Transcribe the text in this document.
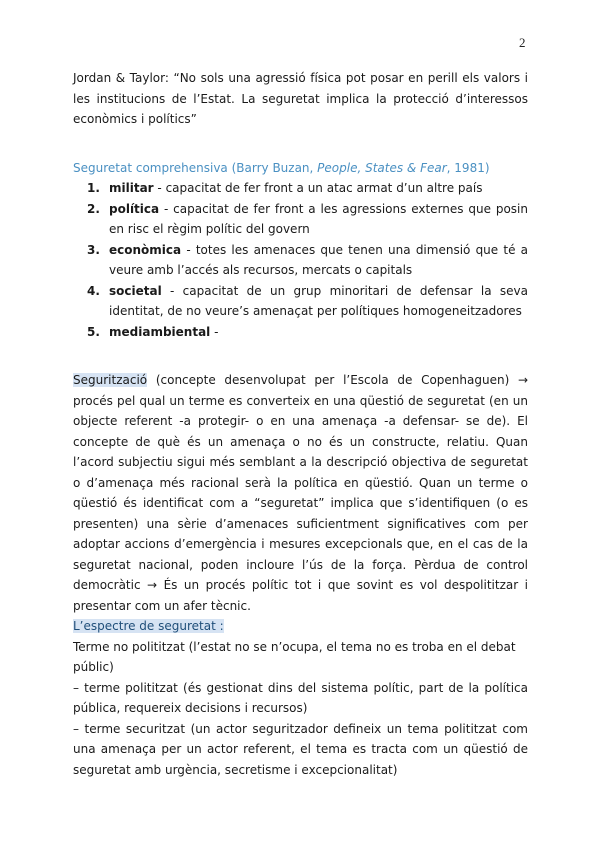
2

Jordan & Taylor: “No sols una agressió física pot posar en perill els valors i les institucions de l’Estat. La seguretat implica la protecció d’interessos econòmics i polítics”

Seguretat comprehensiva (Barry Buzan, People, States & Fear, 1981)

1. militar - capacitat de fer front a un atac armat d’un altre país
2. política - capacitat de fer front a les agressions externes que posin en risc el règim polític del govern
3. econòmica - totes les amenaces que tenen una dimensió que té a veure amb l’accés als recursos, mercats o capitals
4. societal - capacitat de un grup minoritari de defensar la seva identitat, de no veure’s amenaçat per polítiques homogeneitzadores
5. mediambiental -

Segurització (concepte desenvolupat per l’Escola de Copenhaguen) → procés pel qual un terme es converteix en una qüestió de seguretat (en un objecte referent -a protegir- o en una amenaça -a defensar- se de). El concepte de què és un amenaça o no és un constructe, relatiu. Quan l’acord subjectiu sigui més semblant a la descripció objectiva de seguretat o d’amenaça més racional serà la política en qüestió. Quan un terme o qüestió és identificat com a “seguretat” implica que s’identifiquen (o es presenten) una sèrie d’amenaces suficientment significatives com per adoptar accions d’emergència i mesures excepcionals que, en el cas de la seguretat nacional, poden incloure l’ús de la força. Pèrdua de control democràtic → És un procés polític tot i que sovint es vol despolititzar i presentar com un afer tècnic.

L’espectre de seguretat :

Terme no polititzat (l’estat no se n’ocupa, el tema no es troba en el debat públic)

– terme polititzat (és gestionat dins del sistema polític, part de la política pública, requereix decisions i recursos)

– terme securitzat (un actor seguritzador defineix un tema polititzat com una amenaça per un actor referent, el tema es tracta com un qüestió de seguretat amb urgència, secretisme i excepcionalitat)
